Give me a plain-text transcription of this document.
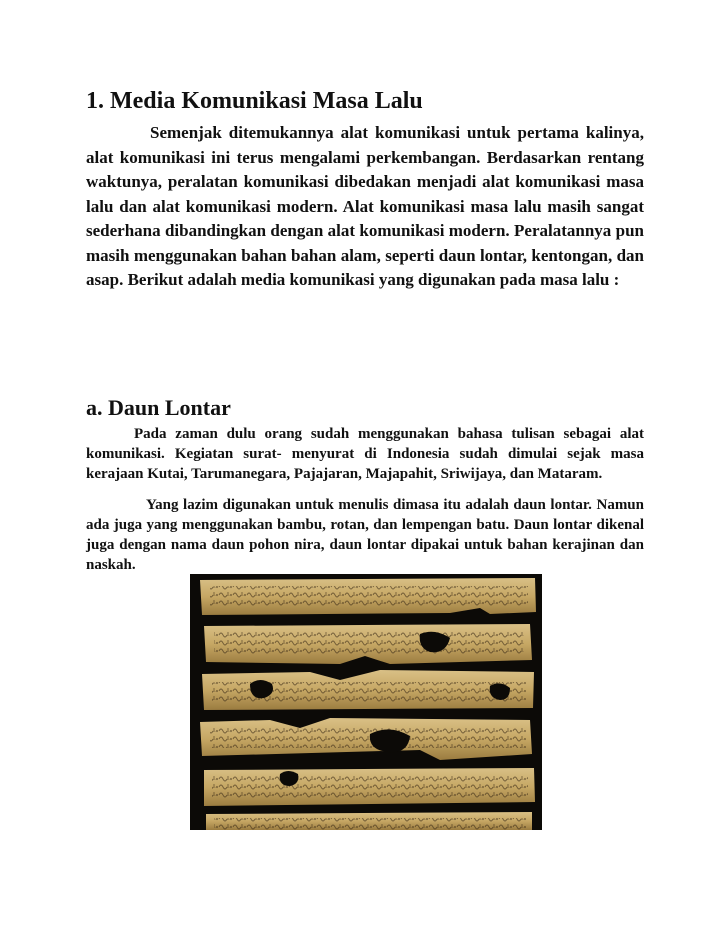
1. Media Komunikasi Masa Lalu

Semenjak ditemukannya alat komunikasi untuk pertama kalinya, alat komunikasi ini terus mengalami perkembangan. Berdasarkan rentang waktunya, peralatan komunikasi dibedakan menjadi alat komunikasi masa lalu dan alat komunikasi modern. Alat komunikasi masa lalu masih sangat sederhana dibandingkan dengan alat komunikasi modern. Peralatannya pun masih menggunakan bahan bahan alam, seperti daun lontar, kentongan, dan asap. Berikut adalah media komunikasi yang digunakan pada masa lalu :

a. Daun Lontar

Pada zaman dulu orang sudah menggunakan bahasa tulisan sebagai alat komunikasi. Kegiatan surat- menyurat di Indonesia sudah dimulai sejak masa kerajaan Kutai, Tarumanegara, Pajajaran, Majapahit, Sriwijaya, dan Mataram.

Yang lazim digunakan untuk menulis dimasa itu adalah daun lontar. Namun ada juga yang menggunakan bambu, rotan, dan lempengan batu. Daun lontar dikenal juga dengan nama daun pohon nira, daun lontar dipakai untuk bahan kerajinan dan naskah.
